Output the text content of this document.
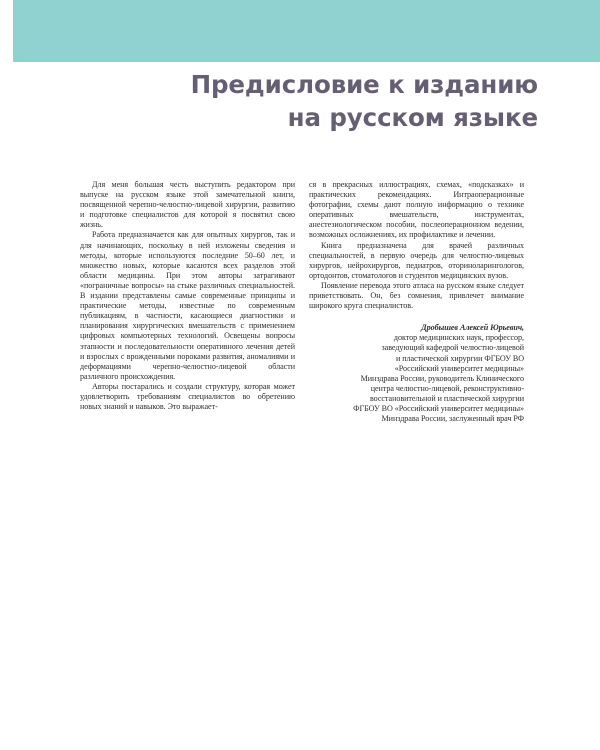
Предисловие к изданию
на русском языке

Для меня большая честь выступить редактором при выпуске на русском языке этой замечательной книги, посвященной черепно-челюстно-лицевой хирургии, развитию и подготовке специалистов для которой я посвятил свою жизнь.

Работа предназначается как для опытных хирургов, так и для начинающих, поскольку в ней изложены сведения и методы, которые используются последние 50–60 лет, и множество новых, которые касаются всех разделов этой области медицины. При этом авторы затрагивают «пограничные вопросы» на стыке различных специальностей. В издании представлены самые современные принципы и практические методы, известные по современным публикациям, в частности, касающиеся диагностики и планирования хирургических вмешательств с применением цифровых компьютерных технологий. Освещены вопросы этапности и последовательности оперативного лечения детей и взрослых с врожденными пороками развития, аномалиями и деформациями черепно-челюстно-лицевой области различного происхождения.

Авторы постарались и создали структуру, которая может удовлетворить требованиям специалистов во обретению новых знаний и навыков. Это выражает-

ся в прекрасных иллюстрациях, схемах, «подсказках» и практических рекомендациях. Интраоперационные фотографии, схемы дают полную информацию о технике оперативных вмешательств, инструментах, анестезиологическом пособии, послеоперационном ведении, возможных осложнениях, их профилактике и лечении.

Книга предназначена для врачей различных специальностей, в первую очередь для челюстно-лицевых хирургов, нейрохирургов, педиатров, оториноларингологов, ортодонтов, стоматологов и студентов медицинских вузов.

Появление перевода этого атласа на русском языке следует приветствовать. Он, без сомнения, привлечет внимание широкого круга специалистов.

Дробышев Алексей Юрьевич,
доктор медицинских наук, профессор,
заведующий кафедрой челюстно-лицевой
и пластической хирургии ФГБОУ ВО
«Российский университет медицины»
Минздрава России, руководитель Клинического
центра челюстно-лицевой, реконструктивно-
восстановительной и пластической хирургии
ФГБОУ ВО «Российский университет медицины»
Минздрава России, заслуженный врач РФ
